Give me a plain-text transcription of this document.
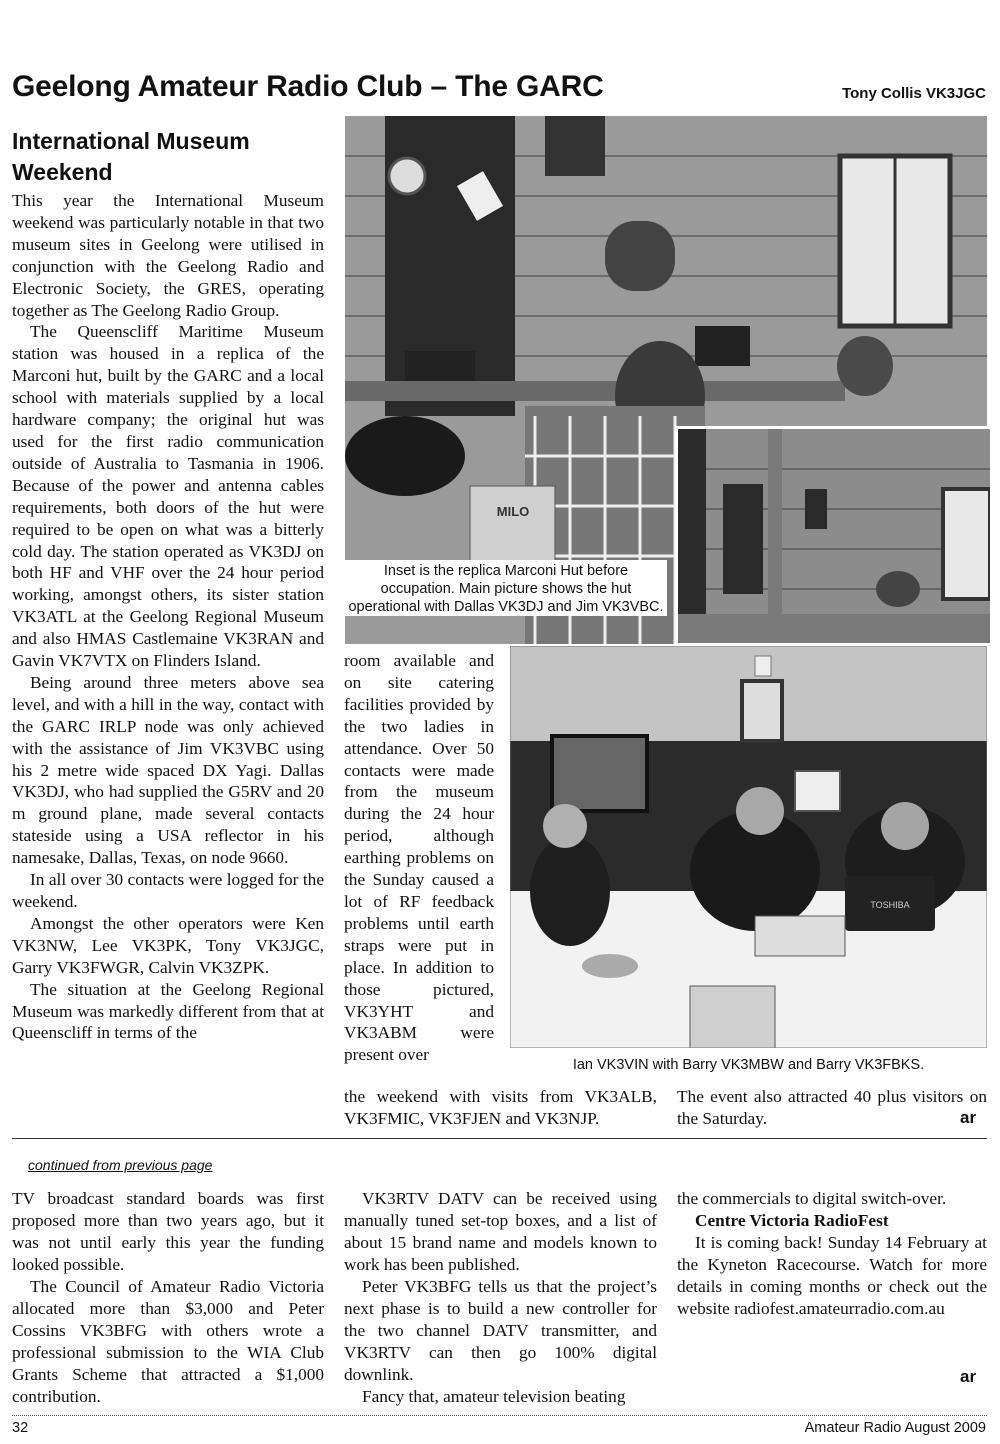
Geelong Amateur Radio Club – The GARC	Tony Collis VK3JGC
International Museum Weekend

This year the International Museum weekend was particularly notable in that two museum sites in Geelong were utilised in conjunction with the Geelong Radio and Electronic Society, the GRES, operating together as The Geelong Radio Group.

The Queenscliff Maritime Museum station was housed in a replica of the Marconi hut, built by the GARC and a local school with materials supplied by a local hardware company; the original hut was used for the first radio communication outside of Australia to Tasmania in 1906. Because of the power and antenna cables requirements, both doors of the hut were required to be open on what was a bitterly cold day. The station operated as VK3DJ on both HF and VHF over the 24 hour period working, amongst others, its sister station VK3ATL at the Geelong Regional Museum and also HMAS Castlemaine VK3RAN and Gavin VK7VTX on Flinders Island.

Being around three meters above sea level, and with a hill in the way, contact with the GARC IRLP node was only achieved with the assistance of Jim VK3VBC using his 2 metre wide spaced DX Yagi. Dallas VK3DJ, who had supplied the G5RV and 20 m ground plane, made several contacts stateside using a USA reflector in his namesake, Dallas, Texas, on node 9660.

In all over 30 contacts were logged for the weekend.

Amongst the other operators were Ken VK3NW, Lee VK3PK, Tony VK3JGC, Garry VK3FWGR, Calvin VK3ZPK.

The situation at the Geelong Regional Museum was markedly different from that at Queenscliff in terms of the

MILO
Inset is the replica Marconi Hut before occupation. Main picture shows the hut operational with Dallas VK3DJ and Jim VK3VBC.

room available and on site catering facilities provided by the two ladies in attendance. Over 50 contacts were made from the museum during the 24 hour period, although earthing problems on the Sunday caused a lot of RF feedback problems until earth straps were put in place. In addition to those pictured, VK3YHT and VK3ABM were present over

TOSHIBA
Ian VK3VIN with Barry VK3MBW and Barry VK3FBKS.

the weekend with visits from VK3ALB, VK3FMIC, VK3FJEN and VK3NJP.

The event also attracted 40 plus visitors on the Saturday.	ar
continued from previous page

TV broadcast standard boards was first proposed more than two years ago, but it was not until early this year the funding looked possible.

The Council of Amateur Radio Victoria allocated more than $3,000 and Peter Cossins VK3BFG with others wrote a professional submission to the WIA Club Grants Scheme that attracted a $1,000 contribution.

VK3RTV DATV can be received using manually tuned set-top boxes, and a list of about 15 brand name and models known to work has been published.

Peter VK3BFG tells us that the project’s next phase is to build a new controller for the two channel DATV transmitter, and VK3RTV can then go 100% digital downlink.

Fancy that, amateur television beating

the commercials to digital switch-over.

Centre Victoria RadioFest

It is coming back! Sunday 14 February at the Kyneton Racecourse. Watch for more details in coming months or check out the website radiofest.amateurradio.com.au

ar
32	Amateur Radio August 2009
